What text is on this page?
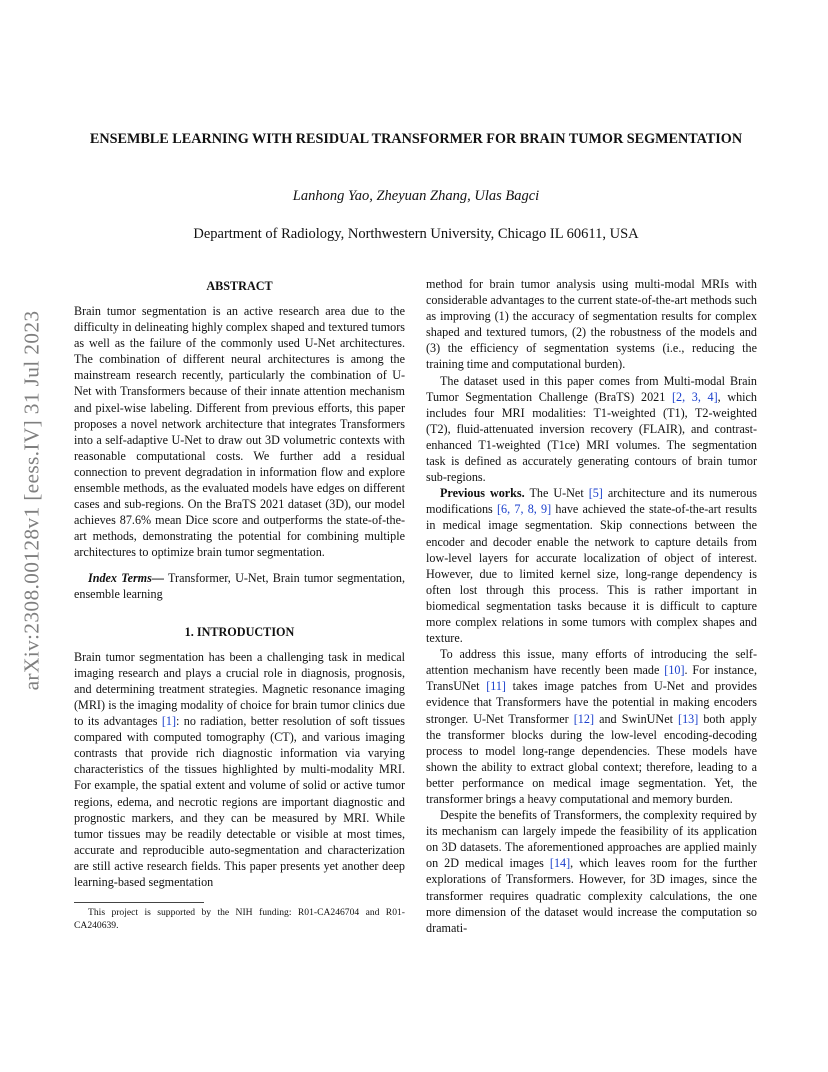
arXiv:2308.00128v1 [eess.IV] 31 Jul 2023
ENSEMBLE LEARNING WITH RESIDUAL TRANSFORMER FOR BRAIN TUMOR SEGMENTATION
Lanhong Yao, Zheyuan Zhang, Ulas Bagci
Department of Radiology, Northwestern University, Chicago IL 60611, USA
ABSTRACT

Brain tumor segmentation is an active research area due to the difficulty in delineating highly complex shaped and textured tumors as well as the failure of the commonly used U-Net architectures. The combination of different neural architectures is among the mainstream research recently, particularly the combination of U-Net with Transformers because of their innate attention mechanism and pixel-wise labeling. Different from previous efforts, this paper proposes a novel network architecture that integrates Transformers into a self-adaptive U-Net to draw out 3D volumetric contexts with reasonable computational costs. We further add a residual connection to prevent degradation in information flow and explore ensemble methods, as the evaluated models have edges on different cases and sub-regions. On the BraTS 2021 dataset (3D), our model achieves 87.6% mean Dice score and outperforms the state-of-the-art methods, demonstrating the potential for combining multiple architectures to optimize brain tumor segmentation.

Index Terms— Transformer, U-Net, Brain tumor segmentation, ensemble learning

1. INTRODUCTION

Brain tumor segmentation has been a challenging task in medical imaging research and plays a crucial role in diagnosis, prognosis, and determining treatment strategies. Magnetic resonance imaging (MRI) is the imaging modality of choice for brain tumor clinics due to its advantages [1]: no radiation, better resolution of soft tissues compared with computed tomography (CT), and various imaging contrasts that provide rich diagnostic information via varying characteristics of the tissues highlighted by multi-modality MRI. For example, the spatial extent and volume of solid or active tumor regions, edema, and necrotic regions are important diagnostic and prognostic markers, and they can be measured by MRI. While tumor tissues may be readily detectable or visible at most times, accurate and reproducible auto-segmentation and characterization are still active research fields. This paper presents yet another deep learning-based segmentation

This project is supported by the NIH funding: R01-CA246704 and R01-CA240639.

method for brain tumor analysis using multi-modal MRIs with considerable advantages to the current state-of-the-art methods such as improving (1) the accuracy of segmentation results for complex shaped and textured tumors, (2) the robustness of the models and (3) the efficiency of segmentation systems (i.e., reducing the training time and computational burden).

The dataset used in this paper comes from Multi-modal Brain Tumor Segmentation Challenge (BraTS) 2021 [2, 3, 4], which includes four MRI modalities: T1-weighted (T1), T2-weighted (T2), fluid-attenuated inversion recovery (FLAIR), and contrast-enhanced T1-weighted (T1ce) MRI volumes. The segmentation task is defined as accurately generating contours of brain tumor sub-regions.

Previous works. The U-Net [5] architecture and its numerous modifications [6, 7, 8, 9] have achieved the state-of-the-art results in medical image segmentation. Skip connections between the encoder and decoder enable the network to capture details from low-level layers for accurate localization of object of interest. However, due to limited kernel size, long-range dependency is often lost through this process. This is rather important in biomedical segmentation tasks because it is difficult to capture more complex relations in some tumors with complex shapes and texture.

To address this issue, many efforts of introducing the self-attention mechanism have recently been made [10]. For instance, TransUNet [11] takes image patches from U-Net and provides evidence that Transformers have the potential in making encoders stronger. U-Net Transformer [12] and SwinUNet [13] both apply the transformer blocks during the low-level encoding-decoding process to model long-range dependencies. These models have shown the ability to extract global context; therefore, leading to a better performance on medical image segmentation. Yet, the transformer brings a heavy computational and memory burden.

Despite the benefits of Transformers, the complexity required by its mechanism can largely impede the feasibility of its application on 3D datasets. The aforementioned approaches are applied mainly on 2D medical images [14], which leaves room for the further explorations of Transformers. However, for 3D images, since the transformer requires quadratic complexity calculations, the one more dimension of the dataset would increase the computation so dramati-
